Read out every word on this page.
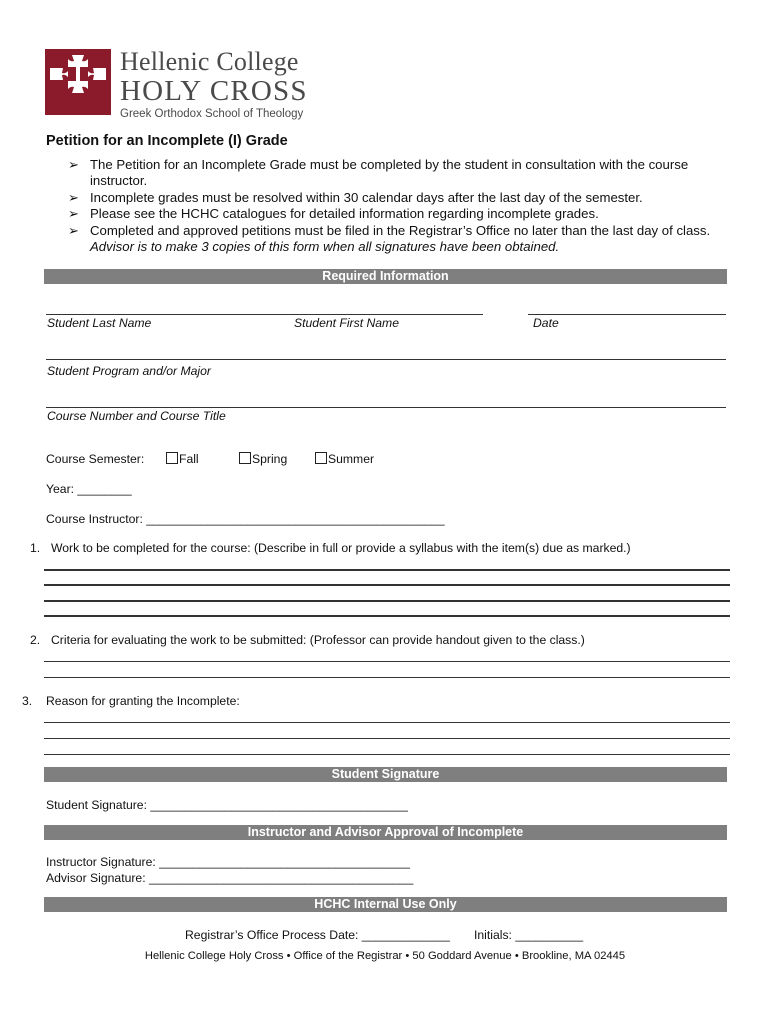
Hellenic College
HOLY CROSS
Greek Orthodox School of Theology
Petition for an Incomplete (I) Grade
➢ The Petition for an Incomplete Grade must be completed by the student in consultation with the course instructor.
➢ Incomplete grades must be resolved within 30 calendar days after the last day of the semester.
➢ Please see the HCHC catalogues for detailed information regarding incomplete grades.
➢ Completed and approved petitions must be filed in the Registrar’s Office no later than the last day of class. Advisor is to make 3 copies of this form when all signatures have been obtained.
Required Information
Student Last Name	Student First Name	Date
Student Program and/or Major
Course Number and Course Title
Course Semester:	Fall	Spring	Summer
Year: ________
Course Instructor: ____________________________________________
1. Work to be completed for the course: (Describe in full or provide a syllabus with the item(s) due as marked.)
2. Criteria for evaluating the work to be submitted: (Professor can provide handout given to the class.)
3. Reason for granting the Incomplete:
Student Signature
Student Signature: ______________________________________
Instructor and Advisor Approval of Incomplete
Instructor Signature: _____________________________________
Advisor Signature: _______________________________________
HCHC Internal Use Only
Registrar’s Office Process Date: _____________ Initials: __________
Hellenic College Holy Cross • Office of the Registrar • 50 Goddard Avenue • Brookline, MA 02445
